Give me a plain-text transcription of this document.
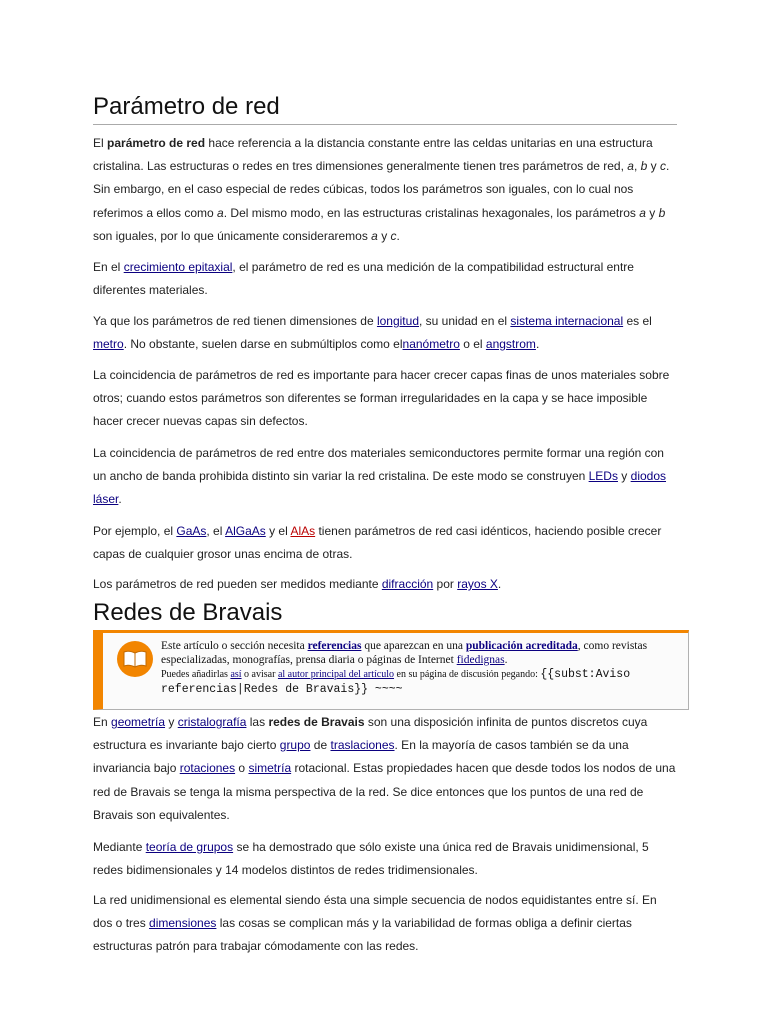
Parámetro de red

El parámetro de red hace referencia a la distancia constante entre las celdas unitarias en una estructura cristalina. Las estructuras o redes en tres dimensiones generalmente tienen tres parámetros de red, a, b y c. Sin embargo, en el caso especial de redes cúbicas, todos los parámetros son iguales, con lo cual nos referimos a ellos como a. Del mismo modo, en las estructuras cristalinas hexagonales, los parámetros a y b son iguales, por lo que únicamente consideraremos a y c.

En el crecimiento epitaxial, el parámetro de red es una medición de la compatibilidad estructural entre diferentes materiales.

Ya que los parámetros de red tienen dimensiones de longitud, su unidad en el sistema internacional es el metro. No obstante, suelen darse en submúltiplos como elnanómetro o el angstrom.

La coincidencia de parámetros de red es importante para hacer crecer capas finas de unos materiales sobre otros; cuando estos parámetros son diferentes se forman irregularidades en la capa y se hace imposible hacer crecer nuevas capas sin defectos.

La coincidencia de parámetros de red entre dos materiales semiconductores permite formar una región con un ancho de banda prohibida distinto sin variar la red cristalina. De este modo se construyen LEDs y diodos láser.

Por ejemplo, el GaAs, el AlGaAs y el AlAs tienen parámetros de red casi idénticos, haciendo posible crecer capas de cualquier grosor unas encima de otras.

Los parámetros de red pueden ser medidos mediante difracción por rayos X.

Redes de Bravais
Este artículo o sección necesita referencias que aparezcan en una publicación acreditada, como revistas especializadas, monografías, prensa diaria o páginas de Internet fidedignas.
Puedes añadirlas así o avisar al autor principal del artículo en su página de discusión pegando: {{subst:Aviso referencias|Redes de Bravais}} ~~~~

En geometría y cristalografía las redes de Bravais son una disposición infinita de puntos discretos cuya estructura es invariante bajo cierto grupo de traslaciones. En la mayoría de casos también se da una invariancia bajo rotaciones o simetría rotacional. Estas propiedades hacen que desde todos los nodos de una red de Bravais se tenga la misma perspectiva de la red. Se dice entonces que los puntos de una red de Bravais son equivalentes.

Mediante teoría de grupos se ha demostrado que sólo existe una única red de Bravais unidimensional, 5 redes bidimensionales y 14 modelos distintos de redes tridimensionales.

La red unidimensional es elemental siendo ésta una simple secuencia de nodos equidistantes entre sí. En dos o tres dimensiones las cosas se complican más y la variabilidad de formas obliga a definir ciertas estructuras patrón para trabajar cómodamente con las redes.
